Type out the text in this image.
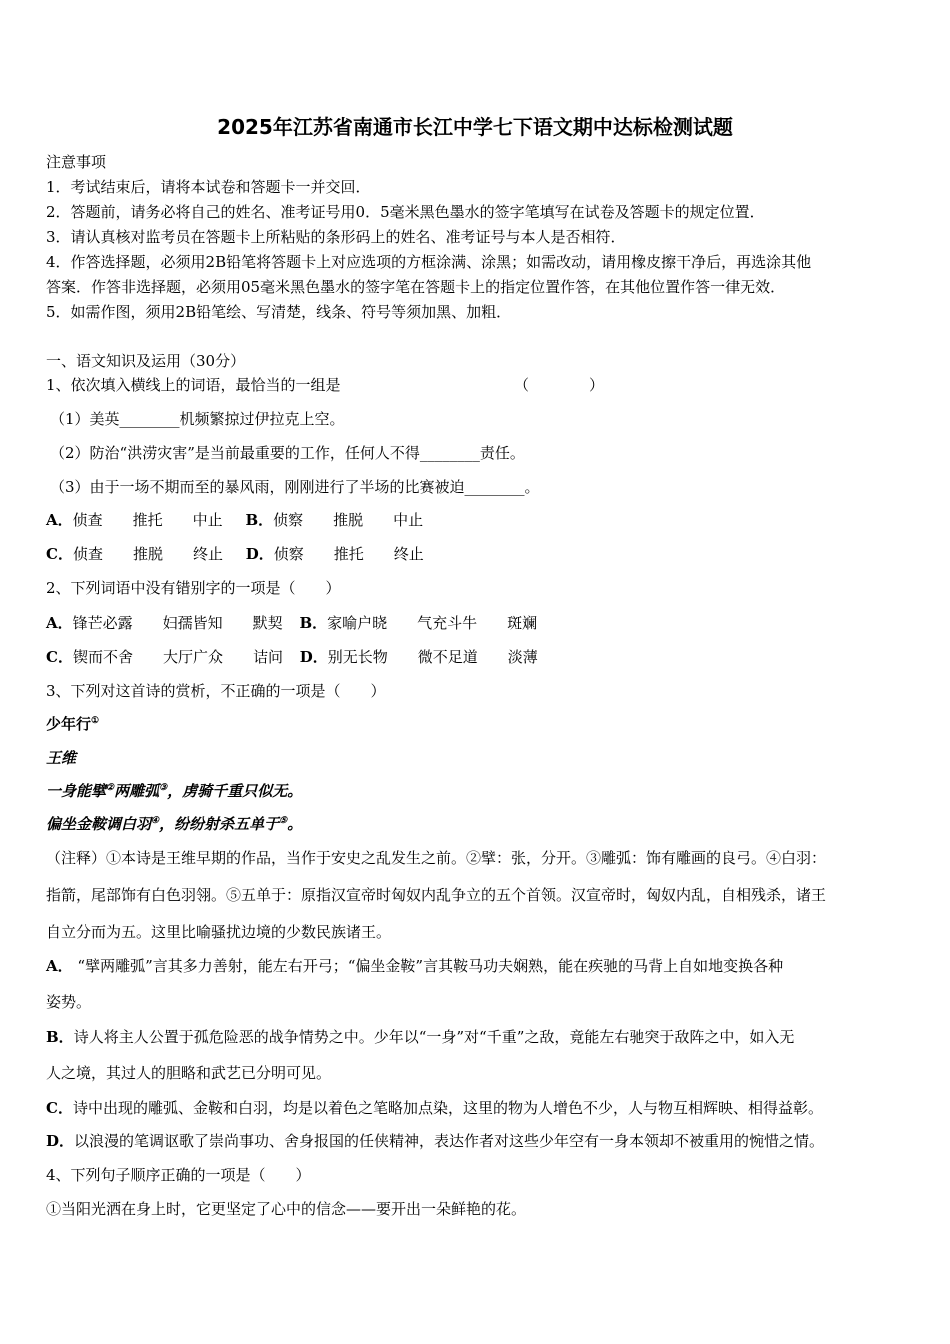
2025年江苏省南通市长江中学七下语文期中达标检测试题
注意事项
1．考试结束后，请将本试卷和答题卡一并交回．
2．答题前，请务必将自己的姓名、准考证号用0．5毫米黑色墨水的签字笔填写在试卷及答题卡的规定位置．
3．请认真核对监考员在答题卡上所粘贴的条形码上的姓名、准考证号与本人是否相符．
4．作答选择题，必须用2B铅笔将答题卡上对应选项的方框涂满、涂黑；如需改动，请用橡皮擦干净后，再选涂其他
答案．作答非选择题，必须用05毫米黑色墨水的签字笔在答题卡上的指定位置作答，在其他位置作答一律无效．
5．如需作图，须用2B铅笔绘、写清楚，线条、符号等须加黑、加粗．
一、语文知识及运用（30分）
1、依次填入横线上的词语，最恰当的一组是	（　　　　）
（1）美英________机频繁掠过伊拉克上空。
（2）防治“洪涝灾害”是当前最重要的工作，任何人不得________责任。
（3）由于一场不期而至的暴风雨，刚刚进行了半场的比赛被迫________。
A．侦查　　推托　　中止 B．侦察　　推脱　　中止
C．侦查　　推脱　　终止 D．侦察　　推托　　终止
2、下列词语中没有错别字的一项是（　　）
A．锋芒必露　　妇孺皆知　　默契 B．家喻户晓　　气充斗牛　　斑斓
C．锲而不舍　　大厅广众　　诘问 D．别无长物　　微不足道　　淡薄
3、下列对这首诗的赏析，不正确的一项是（　　）
少年行①
王维
一身能擘②两雕弧③，虏骑千重只似无。
偏坐金鞍调白羽④，纷纷射杀五单于⑤。
（注释）①本诗是王维早期的作品，当作于安史之乱发生之前。②擘：张，分开。③雕弧：饰有雕画的良弓。④白羽：
指箭，尾部饰有白色羽翎。⑤五单于：原指汉宣帝时匈奴内乱争立的五个首领。汉宣帝时，匈奴内乱，自相残杀，诸王
自立分而为五。这里比喻骚扰边境的少数民族诸王。
A． “擘两雕弧”言其多力善射，能左右开弓；“偏坐金鞍”言其鞍马功夫娴熟，能在疾驰的马背上自如地变换各种
姿势。
B．诗人将主人公置于孤危险恶的战争情势之中。少年以“一身”对“千重”之敌，竟能左右驰突于敌阵之中，如入无
人之境，其过人的胆略和武艺已分明可见。
C．诗中出现的雕弧、金鞍和白羽，均是以着色之笔略加点染，这里的物为人增色不少，人与物互相辉映、相得益彰。
D．以浪漫的笔调讴歌了崇尚事功、舍身报国的任侠精神，表达作者对这些少年空有一身本领却不被重用的惋惜之情。
4、下列句子顺序正确的一项是（　　）
①当阳光洒在身上时，它更坚定了心中的信念——要开出一朵鲜艳的花。
